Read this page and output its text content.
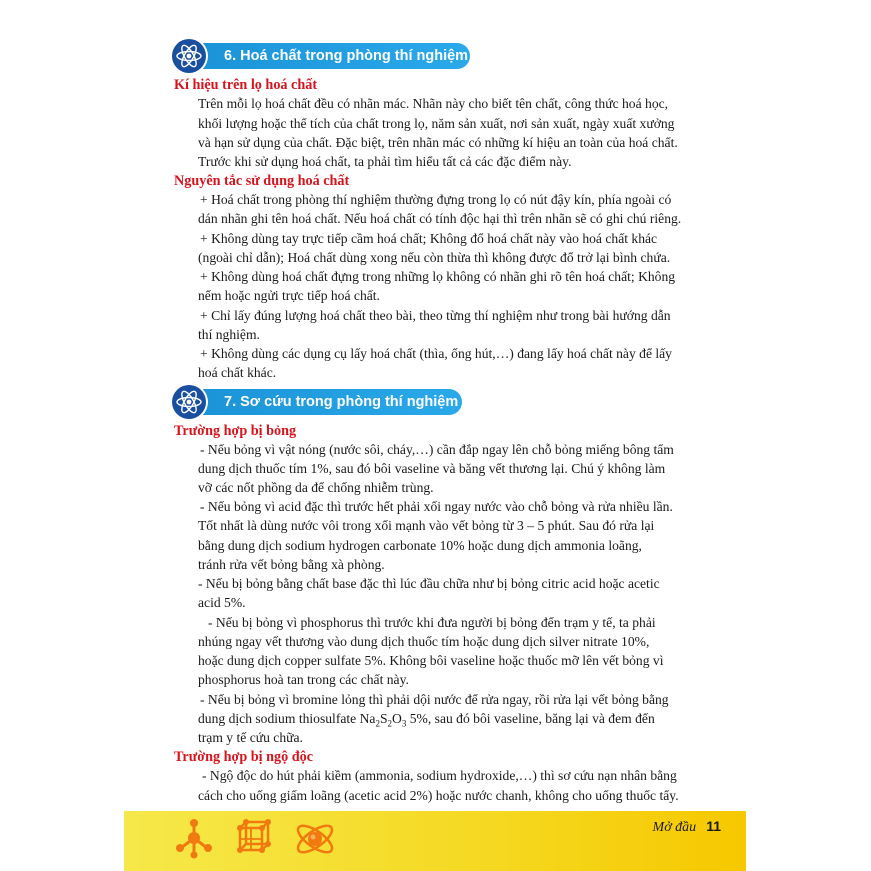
6. Hoá chất trong phòng thí nghiệm
Kí hiệu trên lọ hoá chất
Trên mỗi lọ hoá chất đều có nhãn mác. Nhãn này cho biết tên chất, công thức hoá học,
khối lượng hoặc thể tích của chất trong lọ, năm sản xuất, nơi sản xuất, ngày xuất xưởng
và hạn sử dụng của chất. Đặc biệt, trên nhãn mác có những kí hiệu an toàn của hoá chất.
Trước khi sử dụng hoá chất, ta phải tìm hiểu tất cả các đặc điểm này.
Nguyên tắc sử dụng hoá chất
+ Hoá chất trong phòng thí nghiệm thường đựng trong lọ có nút đậy kín, phía ngoài có
dán nhãn ghi tên hoá chất. Nếu hoá chất có tính độc hại thì trên nhãn sẽ có ghi chú riêng.
+ Không dùng tay trực tiếp cầm hoá chất; Không đổ hoá chất này vào hoá chất khác
(ngoài chỉ dẫn); Hoá chất dùng xong nếu còn thừa thì không được đổ trở lại bình chứa.
+ Không dùng hoá chất đựng trong những lọ không có nhãn ghi rõ tên hoá chất; Không
nếm hoặc ngửi trực tiếp hoá chất.
+ Chỉ lấy đúng lượng hoá chất theo bài, theo từng thí nghiệm như trong bài hướng dẫn
thí nghiệm.
+ Không dùng các dụng cụ lấy hoá chất (thìa, ống hút,…) đang lấy hoá chất này để lấy
hoá chất khác.
7. Sơ cứu trong phòng thí nghiệm
Trường hợp bị bỏng
- Nếu bỏng vì vật nóng (nước sôi, cháy,…) cần đắp ngay lên chỗ bỏng miếng bông tẩm
dung dịch thuốc tím 1%, sau đó bôi vaseline và băng vết thương lại. Chú ý không làm
vỡ các nốt phồng da để chống nhiễm trùng.
- Nếu bỏng vì acid đặc thì trước hết phải xối ngay nước vào chỗ bỏng và rửa nhiều lần.
Tốt nhất là dùng nước vôi trong xối mạnh vào vết bỏng từ 3 – 5 phút. Sau đó rửa lại
bằng dung dịch sodium hydrogen carbonate 10% hoặc dung dịch ammonia loãng,
tránh rửa vết bỏng bằng xà phòng.
- Nếu bị bỏng bằng chất base đặc thì lúc đầu chữa như bị bỏng citric acid hoặc acetic
acid 5%.
- Nếu bị bỏng vì phosphorus thì trước khi đưa người bị bỏng đến trạm y tế, ta phải
nhúng ngay vết thương vào dung dịch thuốc tím hoặc dung dịch silver nitrate 10%,
hoặc dung dịch copper sulfate 5%. Không bôi vaseline hoặc thuốc mỡ lên vết bỏng vì
phosphorus hoà tan trong các chất này.
- Nếu bị bỏng vì bromine lỏng thì phải dội nước để rửa ngay, rồi rửa lại vết bỏng bằng
dung dịch sodium thiosulfate $Na_2S_2O_3$ 5%, sau đó bôi vaseline, băng lại và đem đến
trạm y tế cứu chữa.
Trường hợp bị ngộ độc
- Ngộ độc do hút phải kiềm (ammonia, sodium hydroxide,…) thì sơ cứu nạn nhân bằng
cách cho uống giấm loãng (acetic acid 2%) hoặc nước chanh, không cho uống thuốc tẩy.
Mở đầu 11
